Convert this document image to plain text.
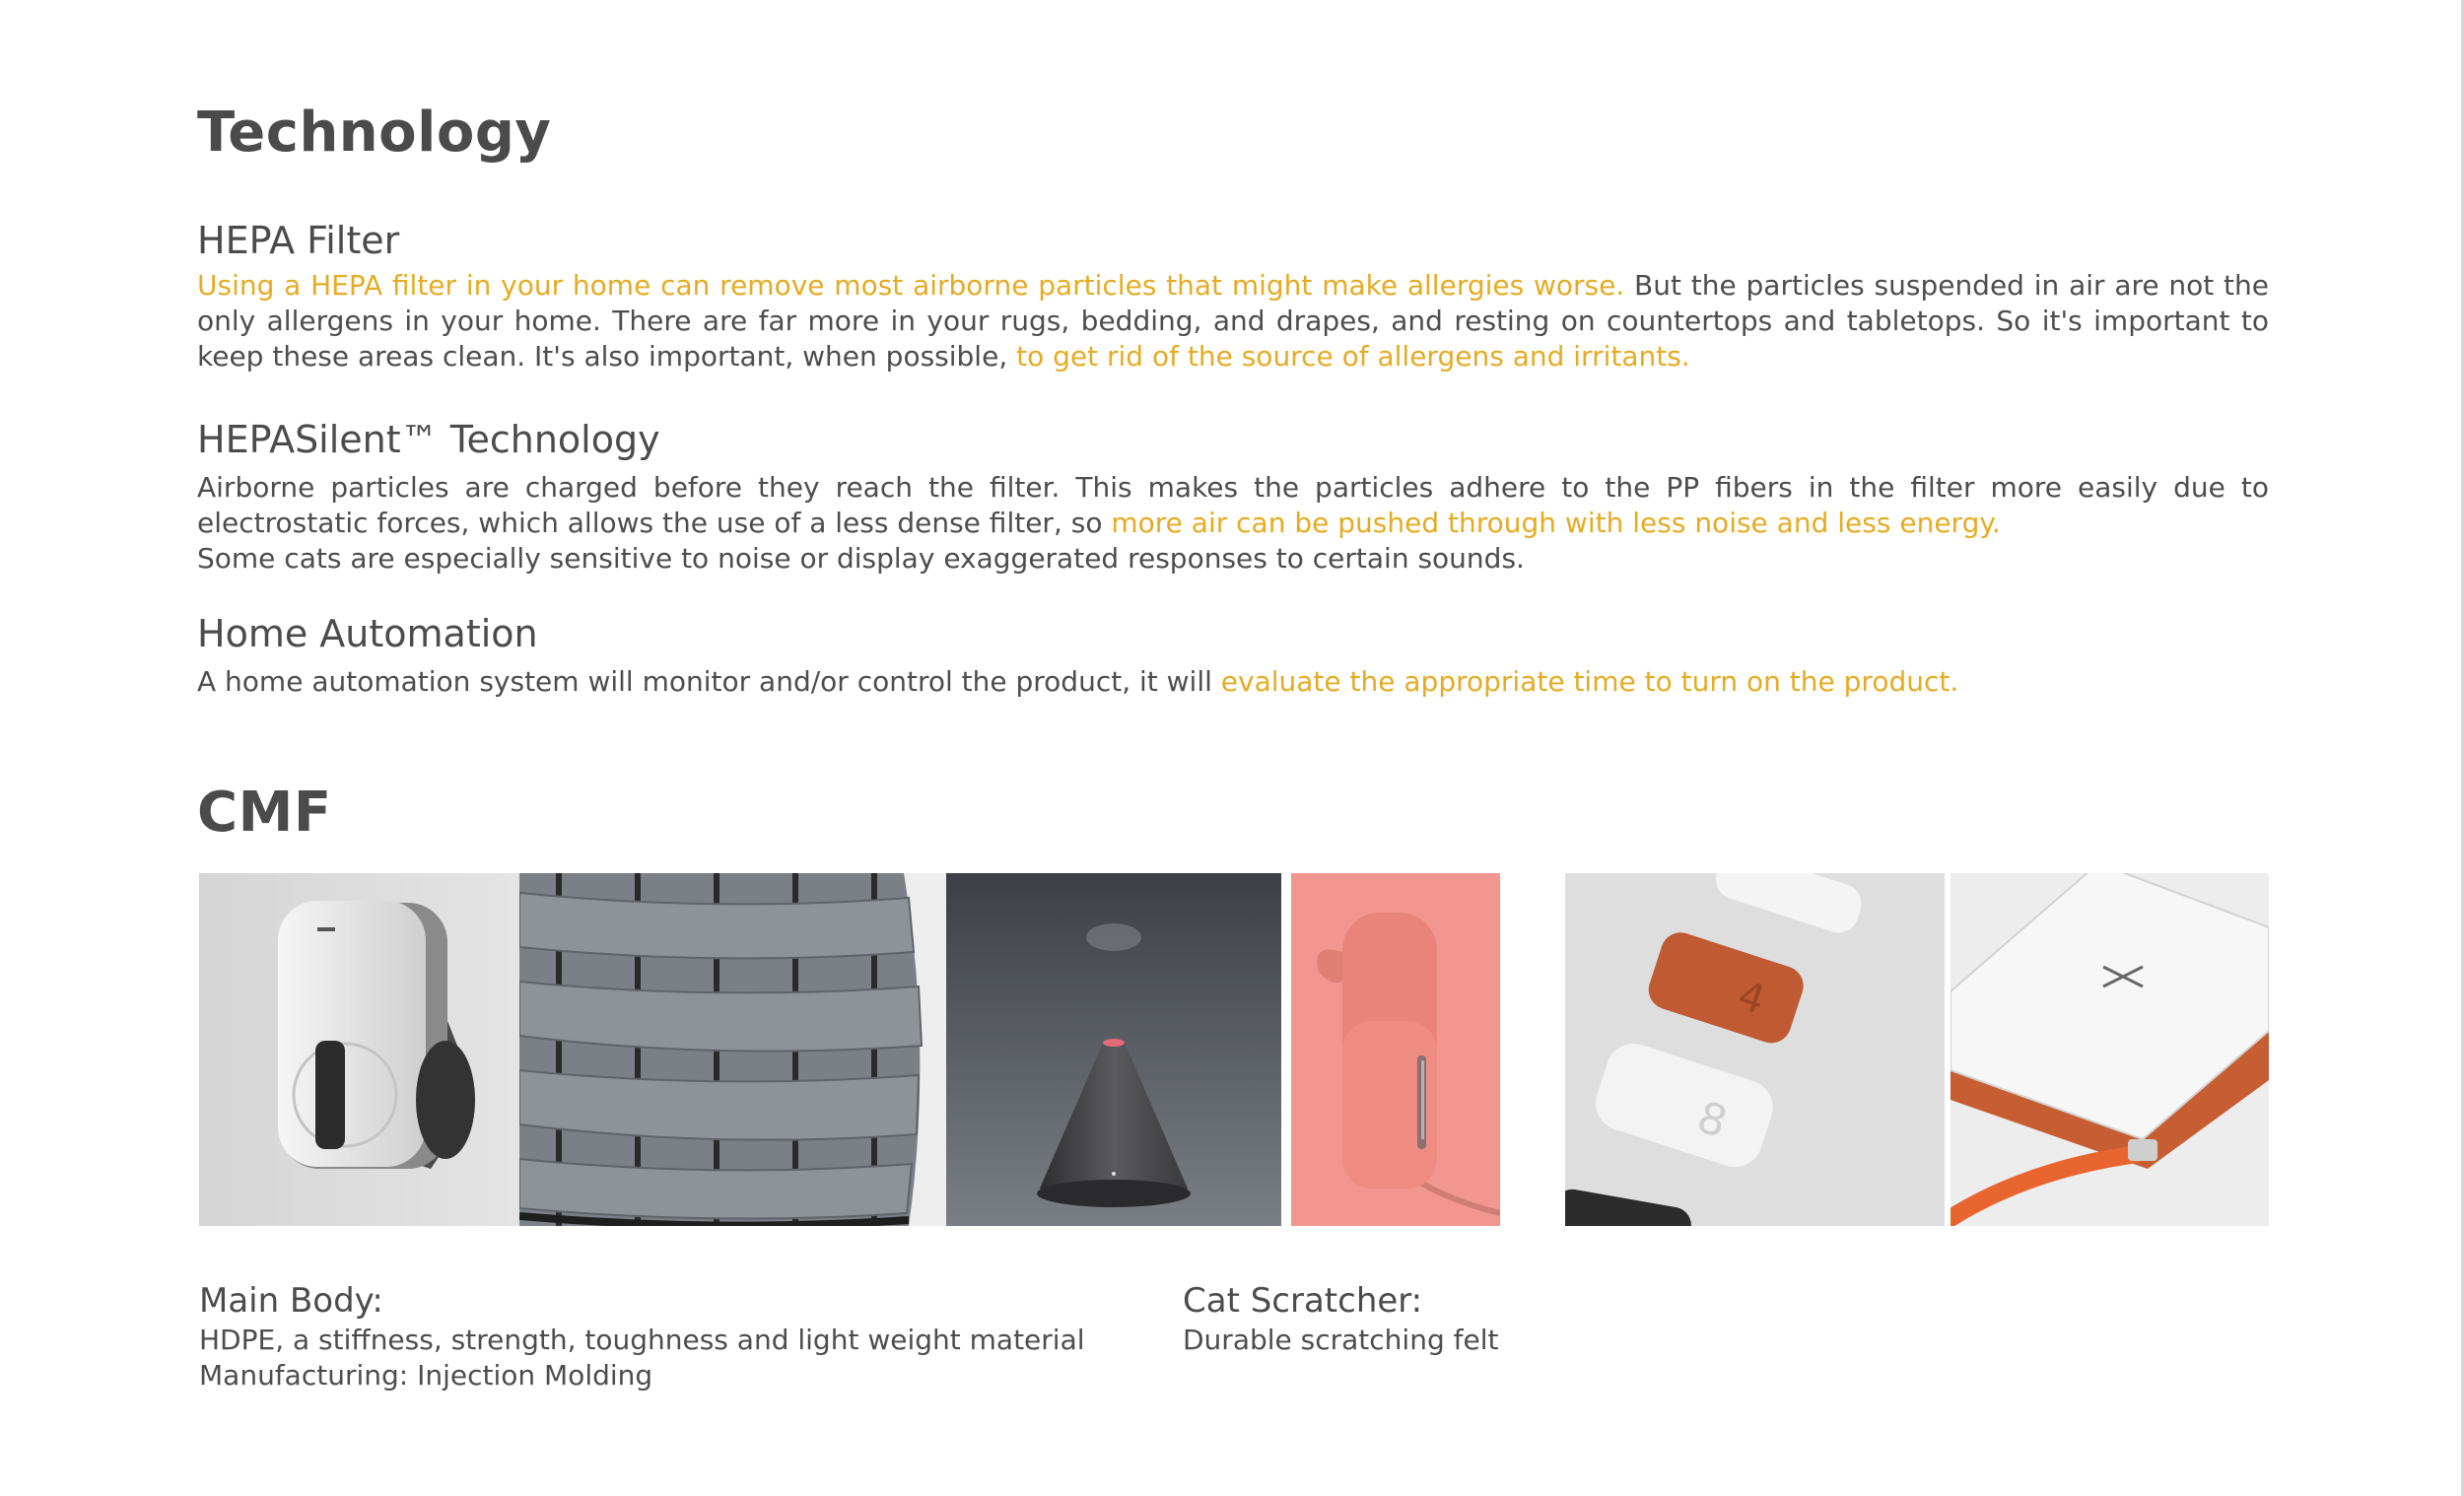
Technology
HEPA Filter

Using a HEPA filter in your home can remove most airborne particles that might make allergies worse. But the particles suspended in air are not the only allergens in your home. There are far more in your rugs, bedding, and drapes, and resting on countertops and tabletops. So it's important to keep these areas clean. It's also important, when possible, to get rid of the source of allergens and irritants.

HEPASilent™ Technology

Airborne particles are charged before they reach the filter. This makes the particles adhere to the PP fibers in the filter more easily due to electrostatic forces, which allows the use of a less dense filter, so more air can be pushed through with less noise and less energy.

Some cats are especially sensitive to noise or display exaggerated responses to certain sounds.

Home Automation

A home automation system will monitor and/or control the product, it will evaluate the appropriate time to turn on the product.

CMF
4
8
Main Body:
HDPE, a stiffness, strength, toughness and light weight material
Manufacturing: Injection Molding
Cat Scratcher:
Durable scratching felt
